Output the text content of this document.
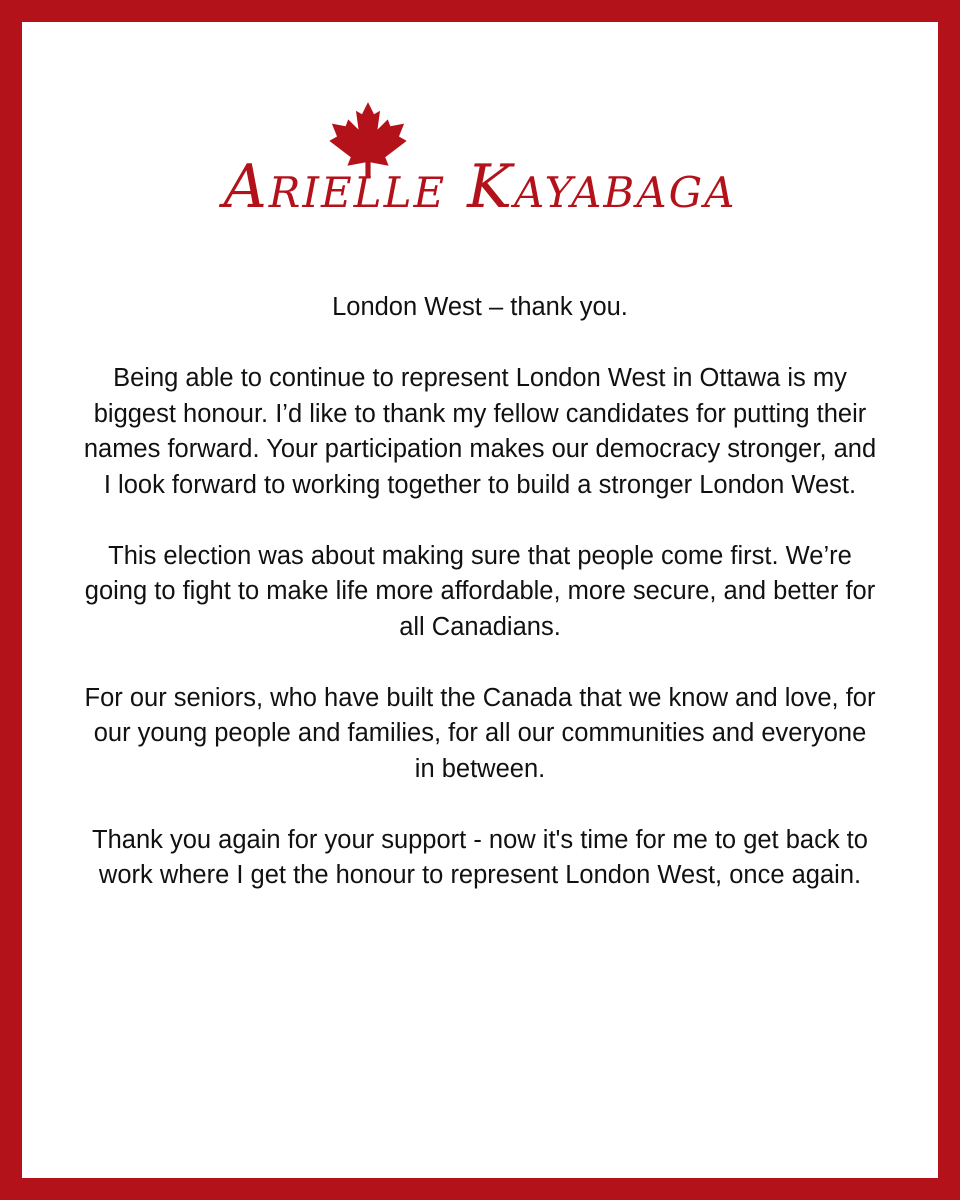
Arielle Kayabaga

London West – thank you.

Being able to continue to represent London West in Ottawa is my biggest honour. I’d like to thank my fellow candidates for putting their names forward. Your participation makes our democracy stronger, and I look forward to working together to build a stronger London West.

This election was about making sure that people come first. We’re going to fight to make life more affordable, more secure, and better for all Canadians.

For our seniors, who have built the Canada that we know and love, for our young people and families, for all our communities and everyone in between.

Thank you again for your support - now it's time for me to get back to work where I get the honour to represent London West, once again.
